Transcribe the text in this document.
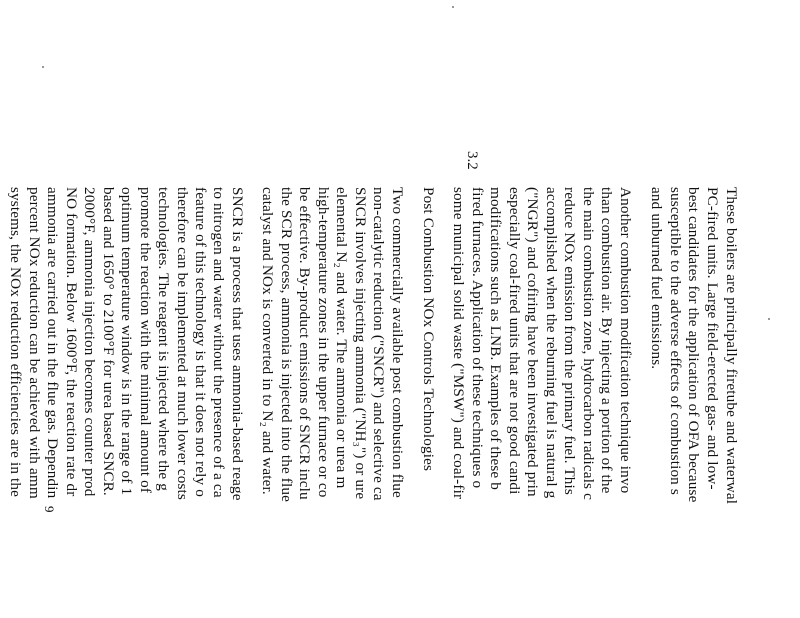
These boilers are principally firetube and waterwal
PC-fired units. Large field-erected gas- and low-
best candidates for the application of OFA because
susceptible to the adverse effects of combustion s
and unburned fuel emissions.
Another combustion modification technique invo
than combustion air. By injecting a portion of the
the main combustion zone, hydrocarbon radicals c
reduce NOx emission from the primary fuel. This
accomplished when the reburning fuel is natural g
("NGR") and cofiring have been investigated prin
especially coal-fired units that are not good candi
modifications such as LNB. Examples of these b
fired furnaces. Application of these techniques o
some municipal solid waste ("MSW") and coal-fir
3.2
Post Combustion NOx Controls Technologies
Two commercially available post combustion flue
non-catalytic reduction ("SNCR") and selective ca
SNCR involves injecting ammonia ("NH₃") or ure
elemental N₂ and water. The ammonia or urea m
high-temperature zones in the upper furnace or co
be effective. By-product emissions of SNCR inclu
the SCR process, ammonia is injected into the flue
catalyst and NOx is converted in to N₂ and water.
SNCR is a process that uses ammonia-based reage
to nitrogen and water without the presence of a ca
feature of this technology is that it does not rely o
therefore can be implemented at much lower costs
technologies. The reagent is injected where the g
promote the reaction with the minimal amount of
optimum temperature window is in the range of 1
based and 1650° to 2100°F for urea based SNCR.
2000°F, ammonia injection becomes counter prod
NO formation. Below 1600°F, the reaction rate dr
ammonia are carried out in the flue gas. Dependin
percent NOx reduction can be achieved with amm
systems, the NOx reduction efficiencies are in the
9
